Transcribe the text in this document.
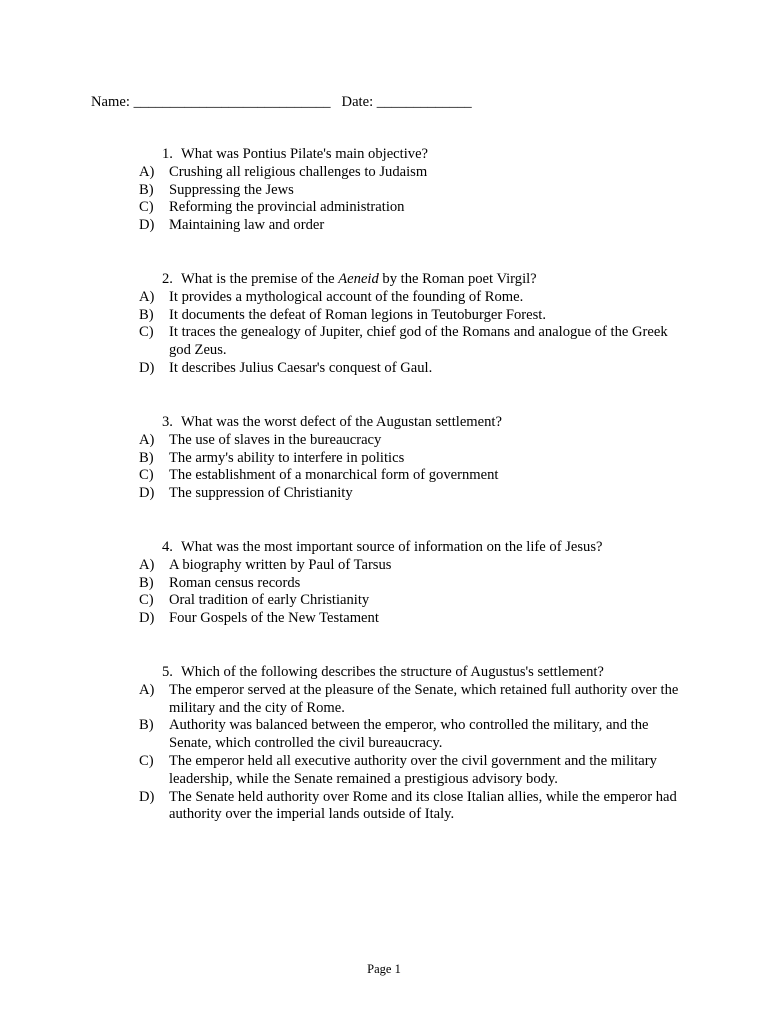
Name: ___________________________ Date: _____________
1. What was Pontius Pilate's main objective?
A) Crushing all religious challenges to Judaism
B)	Suppressing the Jews
C)	Reforming the provincial administration
D) Maintaining law and order
2. What is the premise of the Aeneid by the Roman poet Virgil?
A) It provides a mythological account of the founding of Rome.
B)	It documents the defeat of Roman legions in Teutoburger Forest.
C)	It traces the genealogy of Jupiter, chief god of the Romans and analogue of the Greek god Zeus.
D) It describes Julius Caesar's conquest of Gaul.
3. What was the worst defect of the Augustan settlement?
A) The use of slaves in the bureaucracy
B)	The army's ability to interfere in politics
C)	The establishment of a monarchical form of government
D) The suppression of Christianity
4. What was the most important source of information on the life of Jesus?
A) A biography written by Paul of Tarsus
B)	Roman census records
C)	Oral tradition of early Christianity
D) Four Gospels of the New Testament
5. Which of the following describes the structure of Augustus's settlement?
A) The emperor served at the pleasure of the Senate, which retained full authority over the military and the city of Rome.
B)	Authority was balanced between the emperor, who controlled the military, and the Senate, which controlled the civil bureaucracy.
C)	The emperor held all executive authority over the civil government and the military leadership, while the Senate remained a prestigious advisory body.
D) The Senate held authority over Rome and its close Italian allies, while the emperor had authority over the imperial lands outside of Italy.
Page 1
